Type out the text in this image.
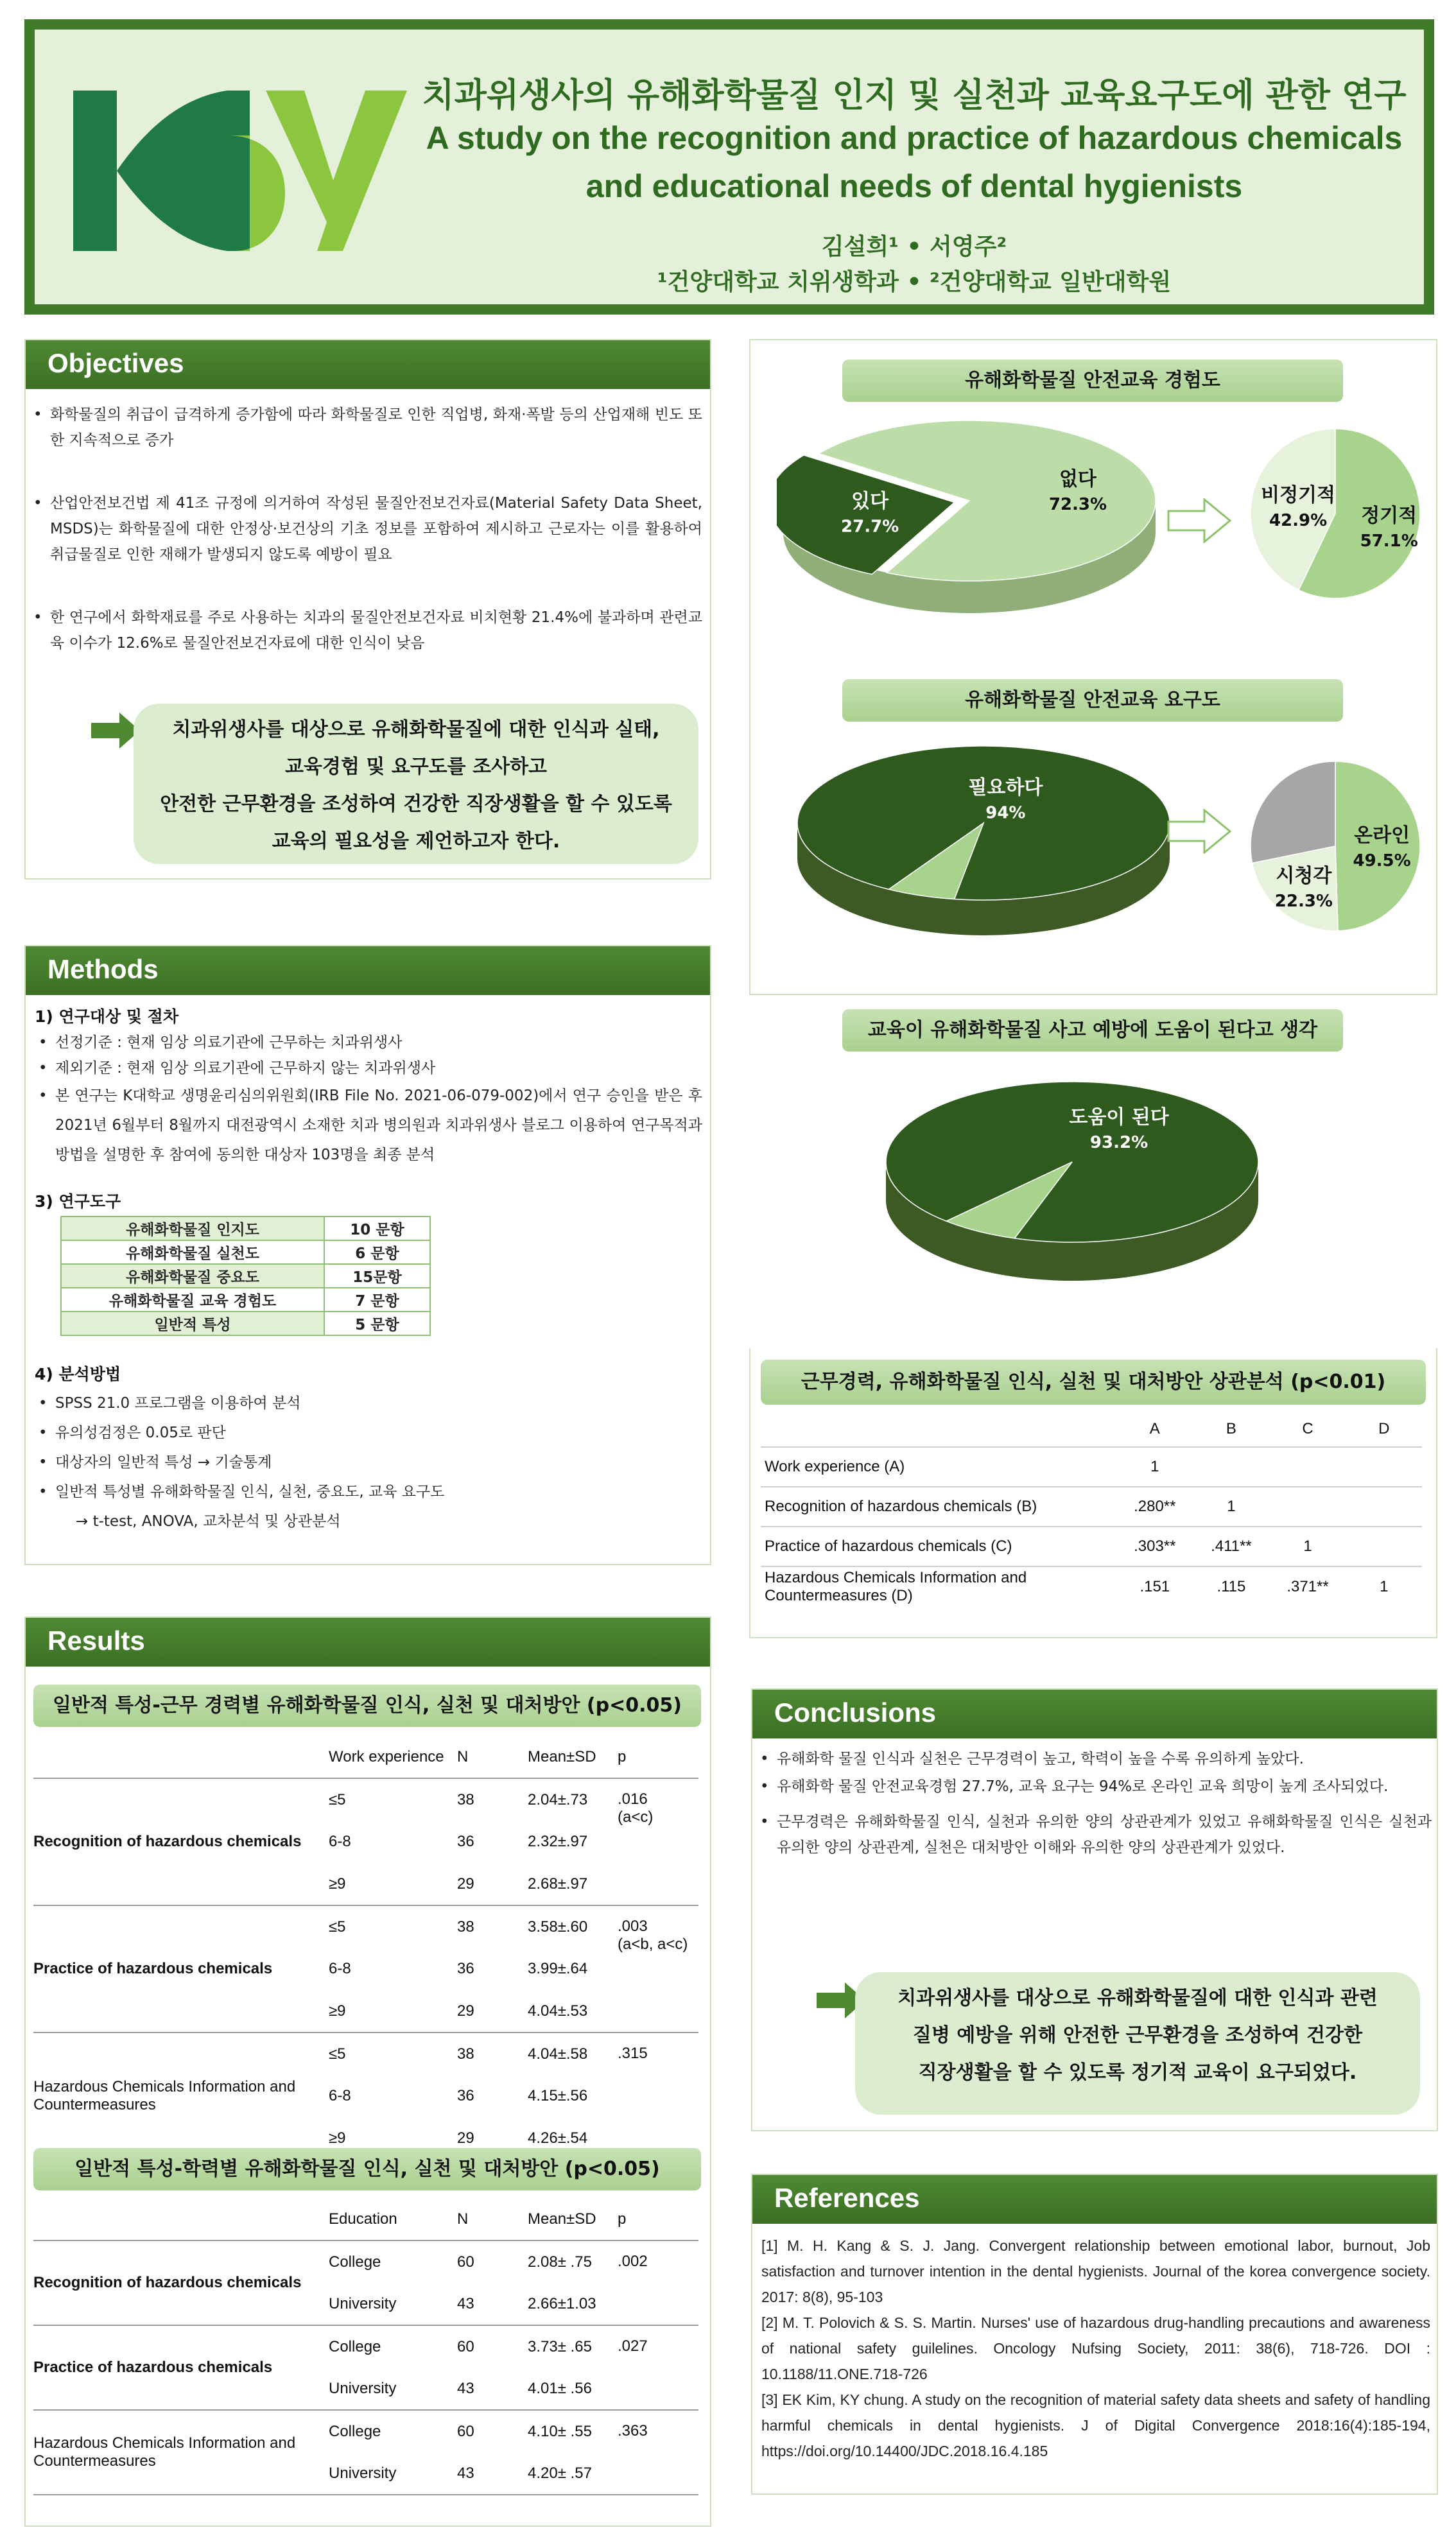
치과위생사의 유해화학물질 인지 및 실천과 교육요구도에 관한 연구
A study on the recognition and practice of hazardous chemicals
and educational needs of dental hygienists
김설희¹ • 서영주²
¹건양대학교 치위생학과 • ²건양대학교 일반대학원
Objectives
• 화학물질의 취급이 급격하게 증가함에 따라 화학물질로 인한 직업병, 화재·폭발 등의 산업재해 빈도 또한 지속적으로 증가
• 산업안전보건법 제 41조 규정에 의거하여 작성된 물질안전보건자료(Material Safety Data Sheet, MSDS)는 화학물질에 대한 안정상·보건상의 기초 정보를 포함하여 제시하고 근로자는 이를 활용하여 취급물질로 인한 재해가 발생되지 않도록 예방이 필요
• 한 연구에서 화학재료를 주로 사용하는 치과의 물질안전보건자료 비치현황 21.4%에 불과하며 관련교육 이수가 12.6%로 물질안전보건자료에 대한 인식이 낮음
치과위생사를 대상으로 유해화학물질에 대한 인식과 실태,
교육경험 및 요구도를 조사하고
안전한 근무환경을 조성하여 건강한 직장생활을 할 수 있도록
교육의 필요성을 제언하고자 한다.
Methods
1) 연구대상 및 절차
• 선정기준 : 현재 임상 의료기관에 근무하는 치과위생사
• 제외기준 : 현재 임상 의료기관에 근무하지 않는 치과위생사
• 본 연구는 K대학교 생명윤리심의위원회(IRB File No. 2021-06-079-002)에서 연구 승인을 받은 후 2021년 6월부터 8월까지 대전광역시 소재한 치과 병의원과 치과위생사 블로그 이용하여 연구목적과 방법을 설명한 후 참여에 동의한 대상자 103명을 최종 분석
3) 연구도구
유해화학물질 인지도	10 문항
유해화학물질 실천도	6 문항
유해화학물질 중요도	15문항
유해화학물질 교육 경험도	7 문항
일반적 특성	5 문항
4) 분석방법
• SPSS 21.0 프로그램을 이용하여 분석
• 유의성검정은 0.05로 판단
• 대상자의 일반적 특성 → 기술통계
• 일반적 특성별 유해화학물질 인식, 실천, 중요도, 교육 요구도
→ t-test, ANOVA, 교차분석 및 상관분석
Results
일반적 특성-근무 경력별 유해화학물질 인식, 실천 및 대처방안 (p<0.05)
	Work experience	N	Mean±SD	p
Recognition of hazardous chemicals	≤5	38	2.04±.73	.016
(a<c)

	6-8	36	2.32±.97	
	≥9	29	2.68±.97	
Practice of hazardous chemicals	≤5	38	3.58±.60	.003
(a<b, a<c)

	6-8	36	3.99±.64	
	≥9	29	4.04±.53	
Hazardous Chemicals Information and Countermeasures	≤5	38	4.04±.58	.315

	6-8	36	4.15±.56	
	≥9	29	4.26±.54	

일반적 특성-학력별 유해화학물질 인식, 실천 및 대처방안 (p<0.05)
	Education	N	Mean±SD	p
Recognition of hazardous chemicals	College	60	2.08± .75	.002

	University	43	2.66±1.03	
Practice of hazardous chemicals	College	60	3.73± .65	.027

	University	43	4.01± .56	
Hazardous Chemicals Information and Countermeasures	College	60	4.10± .55	.363

	University	43	4.20± .57	

유해화학물질 안전교육 경험도
없다
72.3%
있다
27.7%
비정기적
42.9% 정기적
57.1%
유해화학물질 안전교육 요구도
필요하다
94%
온라인
49.5%
시청각
22.3%
교육이 유해화학물질 사고 예방에 도움이 된다고 생각
도움이 된다
93.2%
근무경력, 유해화학물질 인식, 실천 및 대처방안 상관분석 (p<0.01)
	A	B	C	D
Work experience (A)	1			
Recognition of hazardous chemicals (B)	.280**	1		
Practice of hazardous chemicals (C)	.303**	.411**	1	
Hazardous Chemicals Information and Countermeasures (D)	.151	.115	.371**	1
Conclusions
• 유해화학 물질 인식과 실천은 근무경력이 높고, 학력이 높을 수록 유의하게 높았다.
• 유해화학 물질 안전교육경험 27.7%, 교육 요구는 94%로 온라인 교육 희망이 높게 조사되었다.
• 근무경력은 유해화학물질 인식, 실천과 유의한 양의 상관관계가 있었고 유해화학물질 인식은 실천과 유의한 양의 상관관계, 실천은 대처방안 이해와 유의한 양의 상관관계가 있었다.
치과위생사를 대상으로 유해화학물질에 대한 인식과 관련
질병 예방을 위해 안전한 근무환경을 조성하여 건강한
직장생활을 할 수 있도록 정기적 교육이 요구되었다.
References

[1] M. H. Kang & S. J. Jang. Convergent relationship between emotional labor, burnout, Job satisfaction and turnover intention in the dental hygienists. Journal of the korea convergence society. 2017: 8(8), 95-103

[2] M. T. Polovich & S. S. Martin. Nurses' use of hazardous drug-handling precautions and awareness of national safety guilelines. Oncology Nufsing Society, 2011: 38(6), 718-726. DOI : 10.1188/11.ONE.718-726

[3] EK Kim, KY chung. A study on the recognition of material safety data sheets and safety of handling harmful chemicals in dental hygienists. J of Digital Convergence 2018:16(4):185-194, https://doi.org/10.14400/JDC.2018.16.4.185
